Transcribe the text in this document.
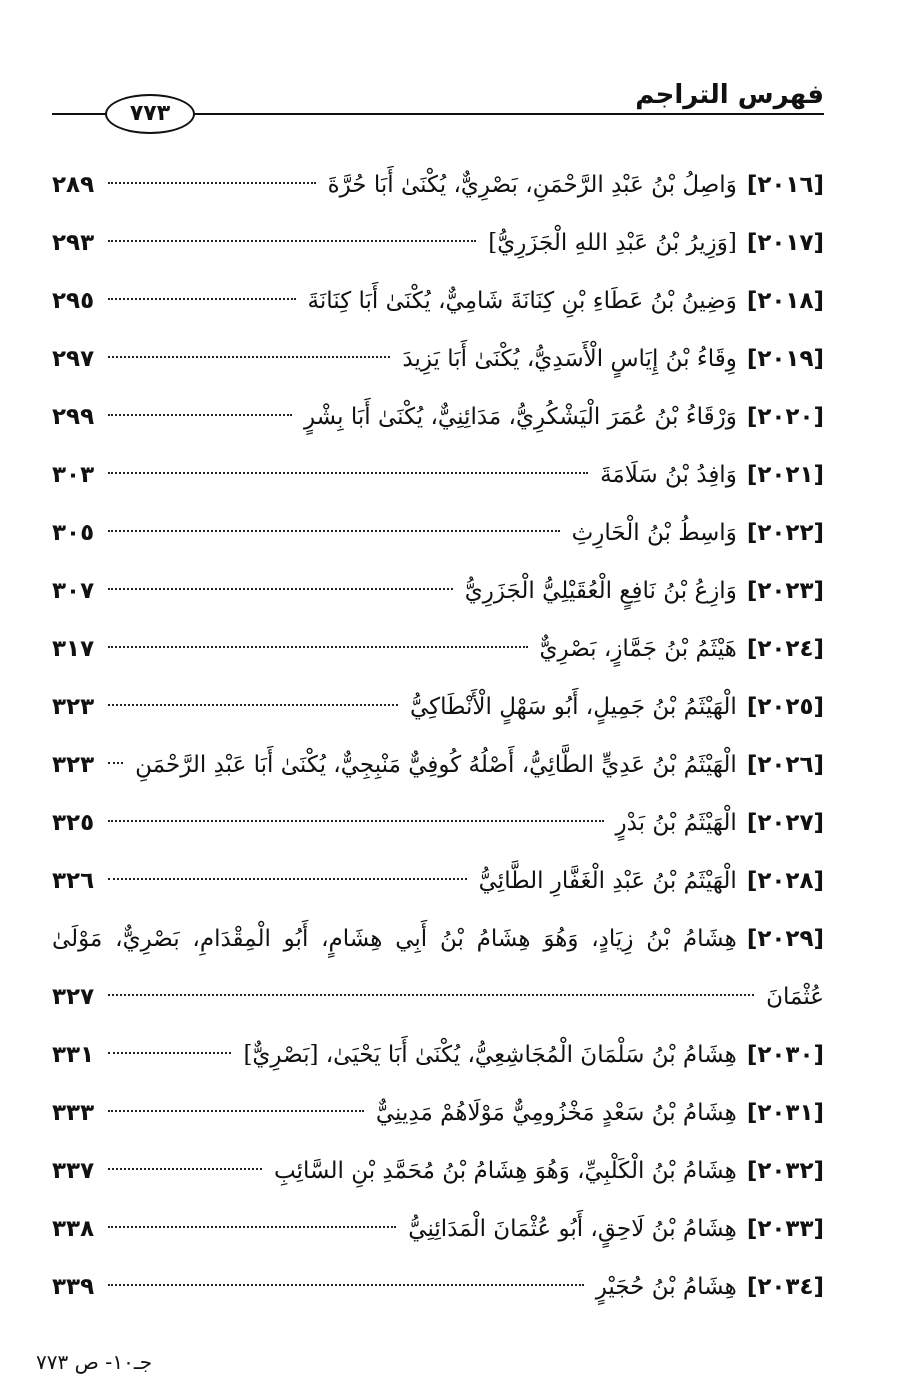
فهرس التراجم
٧٧٣
[٢٠١٦]
وَاصِلُ بْنُ عَبْدِ الرَّحْمَنِ، بَصْرِيٌّ، يُكْنَىٰ أَبَا حُرَّةَ
٢٨٩
[٢٠١٧]
[وَزِيرُ بْنُ عَبْدِ اللهِ الْجَزَرِيُّ]
٢٩٣
[٢٠١٨]
وَضِينُ بْنُ عَطَاءِ بْنِ كِنَانَةَ شَامِيٌّ، يُكْنَىٰ أَبَا كِنَانَةَ
٢٩٥
[٢٠١٩]
وِقَاءُ بْنُ إِيَاسٍ الْأَسَدِيُّ، يُكْنَىٰ أَبَا يَزِيدَ
٢٩٧
[٢٠٢٠]
وَرْقَاءُ بْنُ عُمَرَ الْيَشْكُرِيُّ، مَدَائِنِيٌّ، يُكْنَىٰ أَبَا بِشْرٍ
٢٩٩
[٢٠٢١]
وَافِدُ بْنُ سَلَامَةَ
٣٠٣
[٢٠٢٢]
وَاسِطُ بْنُ الْحَارِثِ
٣٠٥
[٢٠٢٣]
وَازِعُ بْنُ نَافِعٍ الْعُقَيْلِيُّ الْجَزَرِيُّ
٣٠٧
[٢٠٢٤]
هَيْثَمُ بْنُ جَمَّازٍ، بَصْرِيٌّ
٣١٧
[٢٠٢٥]
الْهَيْثَمُ بْنُ جَمِيلٍ، أَبُو سَهْلٍ الْأَنْطَاكِيُّ
٣٢٣
[٢٠٢٦]
الْهَيْثَمُ بْنُ عَدِيٍّ الطَّائِيُّ، أَصْلُهُ كُوفِيٌّ مَنْبِجِيٌّ، يُكْنَىٰ أَبَا عَبْدِ الرَّحْمَنِ
٣٢٣
[٢٠٢٧]
الْهَيْثَمُ بْنُ بَدْرٍ
٣٢٥
[٢٠٢٨]
الْهَيْثَمُ بْنُ عَبْدِ الْغَفَّارِ الطَّائِيُّ
٣٢٦
[٢٠٢٩]
هِشَامُ بْنُ زِيَادٍ، وَهُوَ هِشَامُ بْنُ أَبِي هِشَامٍ، أَبُو الْمِقْدَامِ، بَصْرِيٌّ، مَوْلَىٰ
عُثْمَانَ
٣٢٧
[٢٠٣٠]
هِشَامُ بْنُ سَلْمَانَ الْمُجَاشِعِيُّ، يُكْنَىٰ أَبَا يَحْيَىٰ، [بَصْرِيٌّ]
٣٣١
[٢٠٣١]
هِشَامُ بْنُ سَعْدٍ مَخْزُومِيٌّ مَوْلَاهُمْ مَدِينِيٌّ
٣٣٣
[٢٠٣٢]
هِشَامُ بْنُ الْكَلْبِيِّ، وَهُوَ هِشَامُ بْنُ مُحَمَّدِ بْنِ السَّائِبِ
٣٣٧
[٢٠٣٣]
هِشَامُ بْنُ لَاحِقٍ، أَبُو عُثْمَانَ الْمَدَائِنِيُّ
٣٣٨
[٢٠٣٤]
هِشَامُ بْنُ حُجَيْرٍ
٣٣٩
جـ١٠- ص ٧٧٣
